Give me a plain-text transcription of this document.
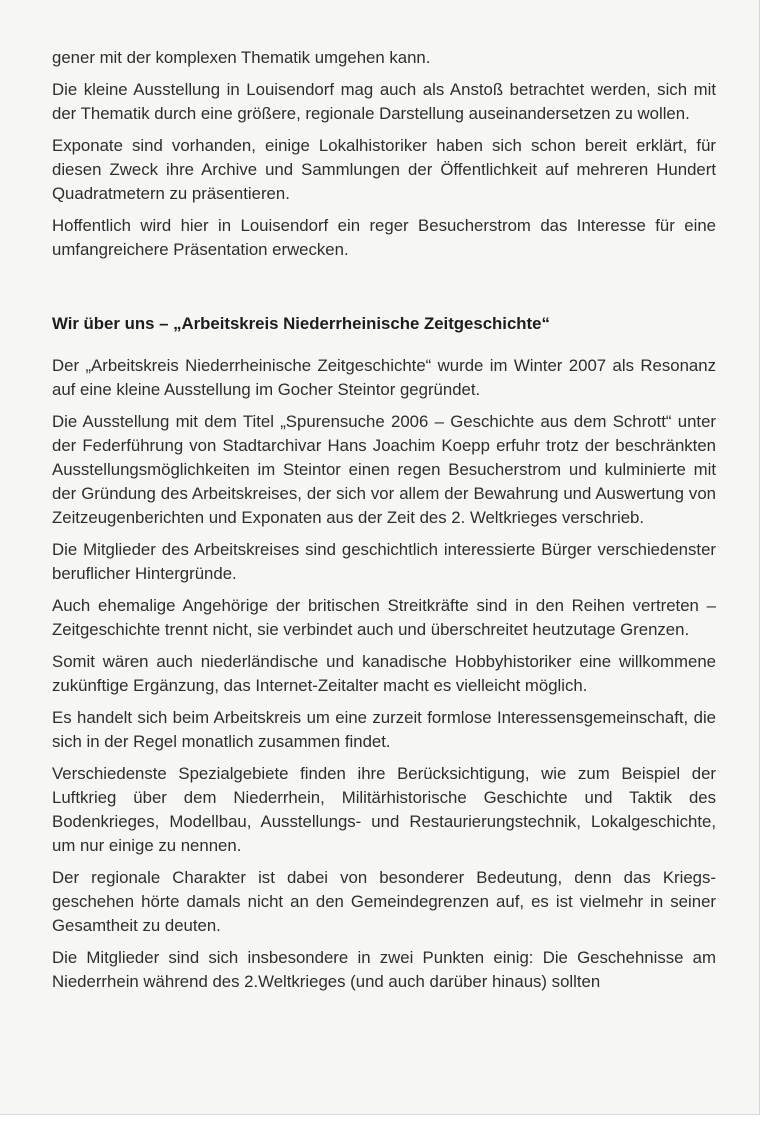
gener mit der komplexen Thematik umgehen kann.

Die kleine Ausstellung in Louisendorf mag auch als Anstoß betrachtet werden, sich mit der Thematik durch eine größere, regionale Darstellung auseinandersetzen zu wollen.

Exponate sind vorhanden, einige Lokalhistoriker haben sich schon bereit erklärt, für diesen Zweck ihre Archive und Sammlungen der Öffentlichkeit auf mehreren Hundert Quadratmetern zu präsentieren.

Hoffentlich wird hier in Louisendorf ein reger Besucherstrom das Interesse für eine umfangreichere Präsentation erwecken.

Wir über uns – „Arbeitskreis Niederrheinische Zeitgeschichte“

Der „Arbeitskreis Niederrheinische Zeitgeschichte“ wurde im Winter 2007 als Resonanz auf eine kleine Ausstellung im Gocher Steintor gegründet.

Die Ausstellung mit dem Titel „Spurensuche 2006 – Geschichte aus dem Schrott“ unter der Federführung von Stadtarchivar Hans Joachim Koepp erfuhr trotz der beschränkten Ausstellungsmöglichkeiten im Steintor einen regen Besucherstrom und kulminierte mit der Gründung des Arbeitskreises, der sich vor allem der Bewahrung und Auswertung von Zeitzeugenberichten und Exponaten aus der Zeit des 2. Weltkrieges verschrieb.

Die Mitglieder des Arbeitskreises sind geschichtlich interessierte Bürger verschiedenster beruflicher Hintergründe.

Auch ehemalige Angehörige der britischen Streitkräfte sind in den Reihen vertreten – Zeitgeschichte trennt nicht, sie verbindet auch und überschreitet heutzutage Grenzen.

Somit wären auch niederländische und kanadische Hobbyhistoriker eine willkommene zukünftige Ergänzung, das Internet-Zeitalter macht es vielleicht möglich.

Es handelt sich beim Arbeitskreis um eine zurzeit formlose Interessensgemeinschaft, die sich in der Regel monatlich zusammen findet.

Verschiedenste Spezialgebiete finden ihre Berücksichtigung, wie zum Beispiel der Luftkrieg über dem Niederrhein, Militärhistorische Geschichte und Taktik des Bodenkrieges, Modellbau, Ausstellungs- und Restaurierungstechnik, Lokalgeschichte, um nur einige zu nennen.

Der regionale Charakter ist dabei von besonderer Bedeutung, denn das Kriegsgeschehen hörte damals nicht an den Gemeindegrenzen auf, es ist vielmehr in seiner Gesamtheit zu deuten.

Die Mitglieder sind sich insbesondere in zwei Punkten einig: Die Geschehnisse am Niederrhein während des 2.Weltkrieges (und auch darüber hinaus) sollten
